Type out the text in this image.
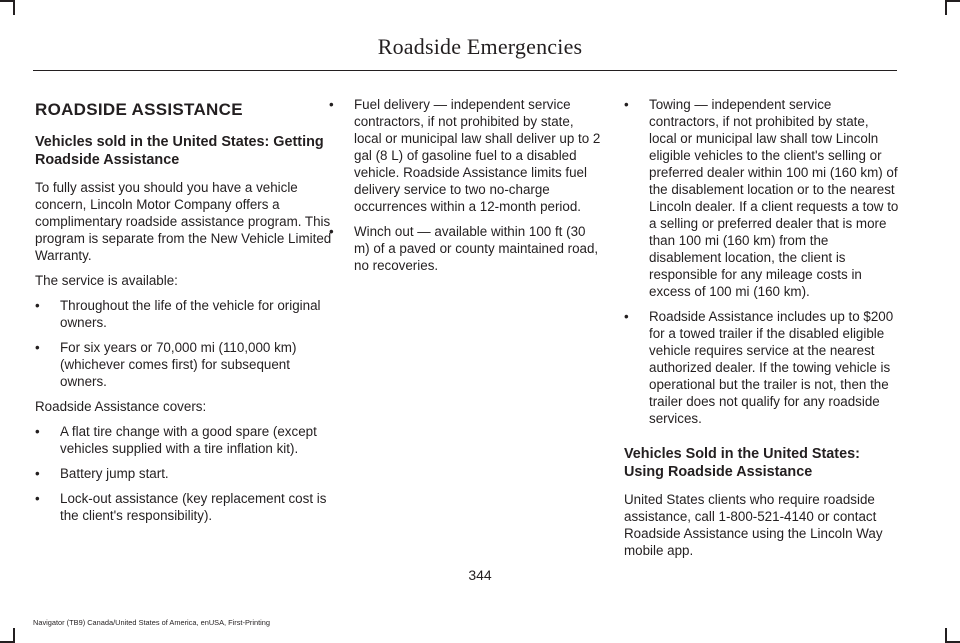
Roadside Emergencies
ROADSIDE ASSISTANCE
Vehicles sold in the United States: Getting Roadside Assistance

To fully assist you should you have a vehicle concern, Lincoln Motor Company offers a complimentary roadside assistance program. This program is separate from the New Vehicle Limited Warranty.

The service is available:

• Throughout the life of the vehicle for original owners.
• For six years or 70,000 mi (110,000 km) (whichever comes first) for subsequent owners.

Roadside Assistance covers:

• A flat tire change with a good spare (except vehicles supplied with a tire inflation kit).
• Battery jump start.
• Lock-out assistance (key replacement cost is the client's responsibility).
• Fuel delivery — independent service contractors, if not prohibited by state, local or municipal law shall deliver up to 2 gal (8 L) of gasoline fuel to a disabled vehicle. Roadside Assistance limits fuel delivery service to two no-charge occurrences within a 12-month period.
• Winch out — available within 100 ft (30 m) of a paved or county maintained road, no recoveries.
• Towing — independent service contractors, if not prohibited by state, local or municipal law shall tow Lincoln eligible vehicles to the client's selling or preferred dealer within 100 mi (160 km) of the disablement location or to the nearest Lincoln dealer. If a client requests a tow to a selling or preferred dealer that is more than 100 mi (160 km) from the disablement location, the client is responsible for any mileage costs in excess of 100 mi (160 km).
• Roadside Assistance includes up to $200 for a towed trailer if the disabled eligible vehicle requires service at the nearest authorized dealer. If the towing vehicle is operational but the trailer is not, then the trailer does not qualify for any roadside services.
Vehicles Sold in the United States: Using Roadside Assistance

United States clients who require roadside assistance, call 1-800-521-4140 or contact Roadside Assistance using the Lincoln Way mobile app.

344
Navigator (TB9) Canada/United States of America, enUSA, First-Printing
